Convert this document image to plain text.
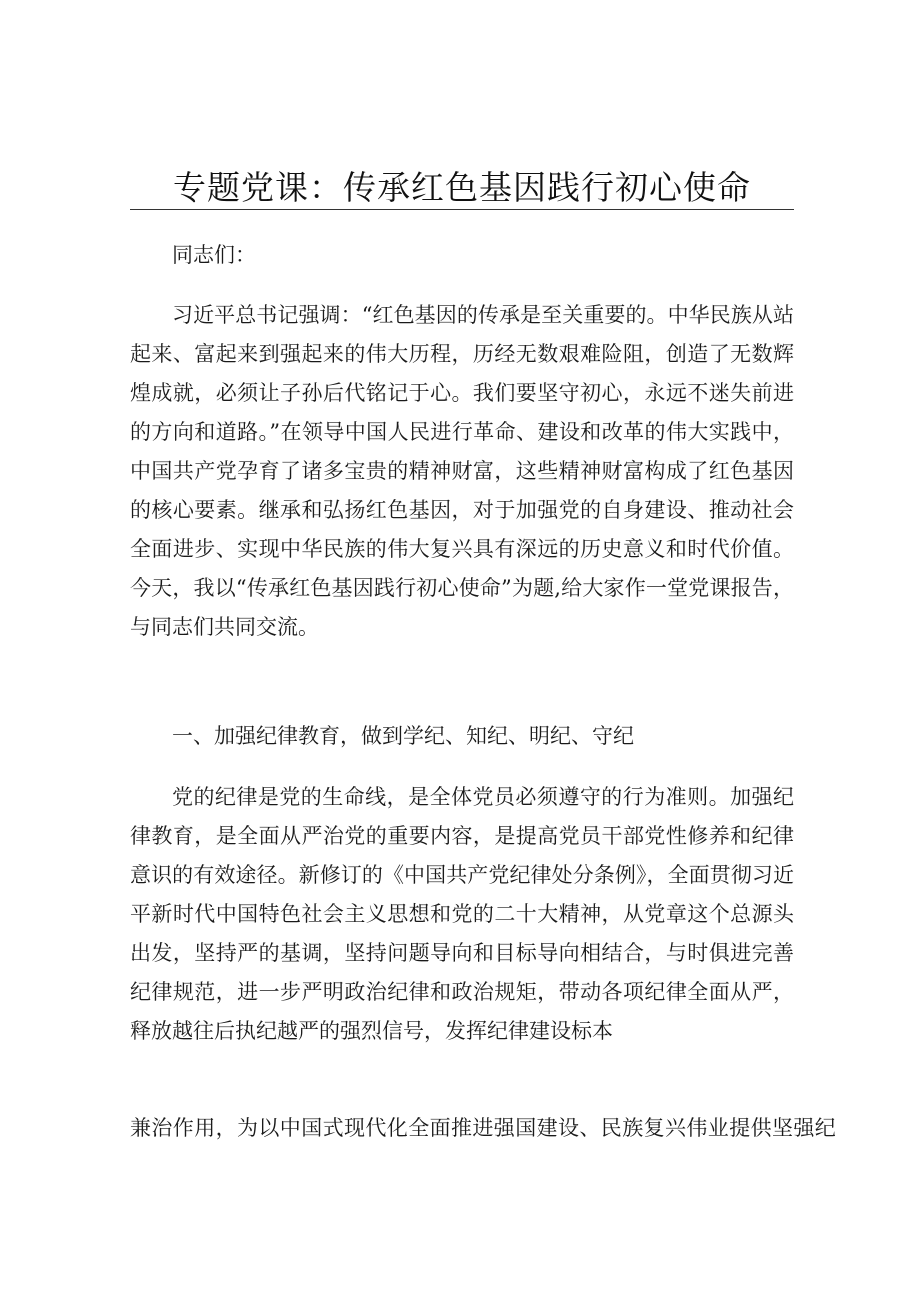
专题党课：传承红色基因践行初心使命

同志们：

习近平总书记强调：“红色基因的传承是至关重要的。中华民族从站起来、富起来到强起来的伟大历程，历经无数艰难险阻，创造了无数辉煌成就，必须让子孙后代铭记于心。我们要坚守初心，永远不迷失前进的方向和道路。”在领导中国人民进行革命、建设和改革的伟大实践中，中国共产党孕育了诸多宝贵的精神财富，这些精神财富构成了红色基因的核心要素。继承和弘扬红色基因，对于加强党的自身建设、推动社会全面进步、实现中华民族的伟大复兴具有深远的历史意义和时代价值。今天，我以“传承红色基因践行初心使命”为题,给大家作一堂党课报告，与同志们共同交流。

一、加强纪律教育，做到学纪、知纪、明纪、守纪

党的纪律是党的生命线，是全体党员必须遵守的行为准则。加强纪律教育，是全面从严治党的重要内容，是提高党员干部党性修养和纪律意识的有效途径。新修订的《中国共产党纪律处分条例》，全面贯彻习近平新时代中国特色社会主义思想和党的二十大精神，从党章这个总源头出发，坚持严的基调，坚持问题导向和目标导向相结合，与时俱进完善纪律规范，进一步严明政治纪律和政治规矩，带动各项纪律全面从严，释放越往后执纪越严的强烈信号，发挥纪律建设标本

兼治作用，为以中国式现代化全面推进强国建设、民族复兴伟业提供坚强纪
